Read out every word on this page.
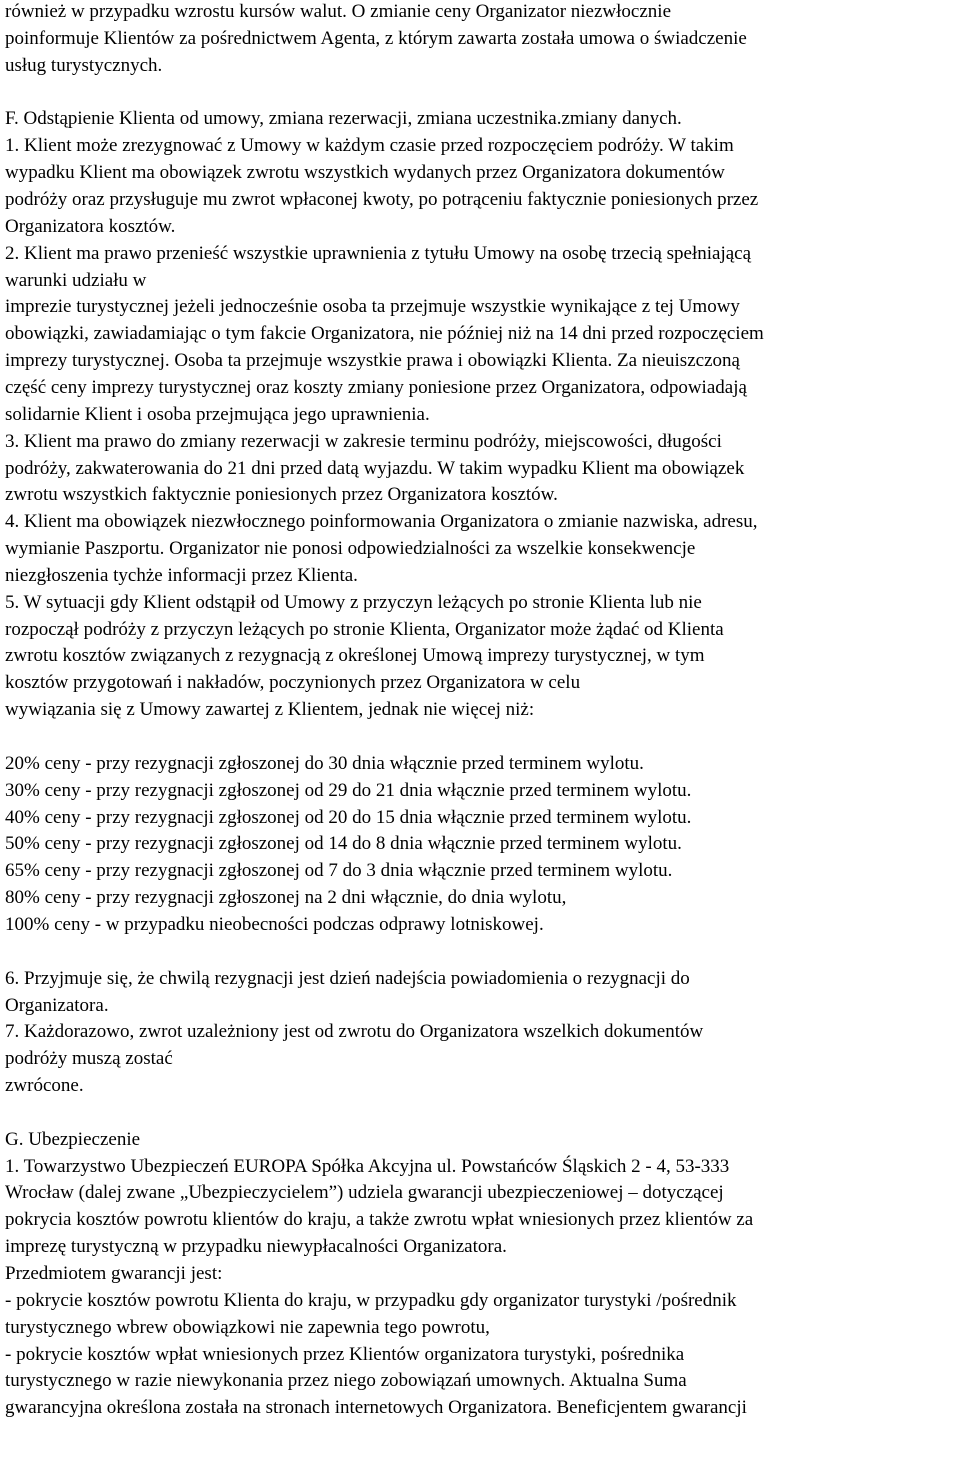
również w przypadku wzrostu kursów walut. O zmianie ceny Organizator niezwłocznie
poinformuje Klientów za pośrednictwem Agenta, z którym zawarta została umowa o świadczenie
usług turystycznych.
F. Odstąpienie Klienta od umowy, zmiana rezerwacji, zmiana uczestnika.zmiany danych.
1. Klient może zrezygnować z Umowy w każdym czasie przed rozpoczęciem podróży. W takim
wypadku Klient ma obowiązek zwrotu wszystkich wydanych przez Organizatora dokumentów
podróży oraz przysługuje mu zwrot wpłaconej kwoty, po potrąceniu faktycznie poniesionych przez
Organizatora kosztów.
2. Klient ma prawo przenieść wszystkie uprawnienia z tytułu Umowy na osobę trzecią spełniającą
warunki udziału w
imprezie turystycznej jeżeli jednocześnie osoba ta przejmuje wszystkie wynikające z tej Umowy
obowiązki, zawiadamiając o tym fakcie Organizatora, nie później niż na 14 dni przed rozpoczęciem
imprezy turystycznej. Osoba ta przejmuje wszystkie prawa i obowiązki Klienta. Za nieuiszczoną
część ceny imprezy turystycznej oraz koszty zmiany poniesione przez Organizatora, odpowiadają
solidarnie Klient i osoba przejmująca jego uprawnienia.
3. Klient ma prawo do zmiany rezerwacji w zakresie terminu podróży, miejscowości, długości
podróży, zakwaterowania do 21 dni przed datą wyjazdu. W takim wypadku Klient ma obowiązek
zwrotu wszystkich faktycznie poniesionych przez Organizatora kosztów.
4. Klient ma obowiązek niezwłocznego poinformowania Organizatora o zmianie nazwiska, adresu,
wymianie Paszportu. Organizator nie ponosi odpowiedzialności za wszelkie konsekwencje
niezgłoszenia tychże informacji przez Klienta.
5. W sytuacji gdy Klient odstąpił od Umowy z przyczyn leżących po stronie Klienta lub nie
rozpoczął podróży z przyczyn leżących po stronie Klienta, Organizator może żądać od Klienta
zwrotu kosztów związanych z rezygnacją z określonej Umową imprezy turystycznej, w tym
kosztów przygotowań i nakładów, poczynionych przez Organizatora w celu
wywiązania się z Umowy zawartej z Klientem, jednak nie więcej niż:
20% ceny - przy rezygnacji zgłoszonej do 30 dnia włącznie przed terminem wylotu.
30% ceny - przy rezygnacji zgłoszonej od 29 do 21 dnia włącznie przed terminem wylotu.
40% ceny - przy rezygnacji zgłoszonej od 20 do 15 dnia włącznie przed terminem wylotu.
50% ceny - przy rezygnacji zgłoszonej od 14 do 8 dnia włącznie przed terminem wylotu.
65% ceny - przy rezygnacji zgłoszonej od 7 do 3 dnia włącznie przed terminem wylotu.
80% ceny - przy rezygnacji zgłoszonej na 2 dni włącznie, do dnia wylotu,
100% ceny - w przypadku nieobecności podczas odprawy lotniskowej.
6. Przyjmuje się, że chwilą rezygnacji jest dzień nadejścia powiadomienia o rezygnacji do
Organizatora.
7. Każdorazowo, zwrot uzależniony jest od zwrotu do Organizatora wszelkich dokumentów
podróży muszą zostać
zwrócone.
G. Ubezpieczenie
1. Towarzystwo Ubezpieczeń EUROPA Spółka Akcyjna ul. Powstańców Śląskich 2 - 4, 53-333
Wrocław (dalej zwane „Ubezpieczycielem”) udziela gwarancji ubezpieczeniowej – dotyczącej
pokrycia kosztów powrotu klientów do kraju, a także zwrotu wpłat wniesionych przez klientów za
imprezę turystyczną w przypadku niewypłacalności Organizatora.
Przedmiotem gwarancji jest:
- pokrycie kosztów powrotu Klienta do kraju, w przypadku gdy organizator turystyki /pośrednik
turystycznego wbrew obowiązkowi nie zapewnia tego powrotu,
- pokrycie kosztów wpłat wniesionych przez Klientów organizatora turystyki, pośrednika
turystycznego w razie niewykonania przez niego zobowiązań umownych. Aktualna Suma
gwarancyjna określona została na stronach internetowych Organizatora. Beneficjentem gwarancji
